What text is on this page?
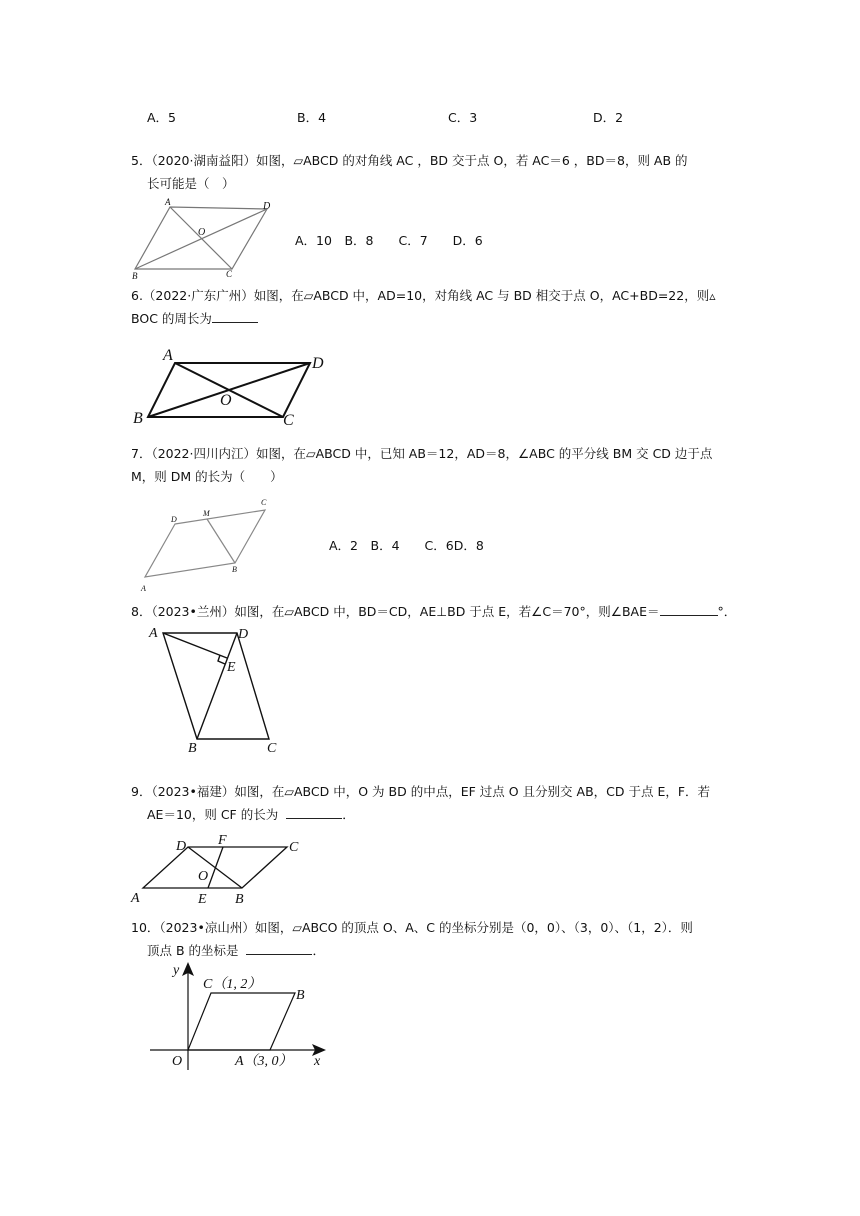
A．5	B．4	C．3	D．2
5．（2020·湖南益阳）如图，▱ABCD 的对角线 AC ，BD 交于点 O，若 AC＝6 ，BD＝8，则 AB 的
长可能是（　）
A	D
O
B	C
A．10　B．8　　C．7　　D．6
6.（2022·广东广州）如图，在▱ABCD 中，AD=10，对角线 AC 与 BD 相交于点 O，AC+BD=22，则▵
BOC 的周长为
A	D
O
B	C
7．（2022·四川内江）如图，在▱ABCD 中，已知 AB＝12，AD＝8，∠ABC 的平分线 BM 交 CD 边于点
M，则 DM 的长为（　　）
D
M
C
A
B
A．2　B．4　　C．6D．8
8．（2023•兰州）如图，在▱ABCD 中，BD＝CD，AE⊥BD 于点 E，若∠C＝70°，则∠BAE＝	°．
A	D
E
B	C
9．（2023•福建）如图，在▱ABCD 中，O 为 BD 的中点，EF 过点 O 且分别交 AB，CD 于点 E，F．若
AE＝10，则 CF 的长为	．
D F	C
O
A	E B
10．（2023•凉山州）如图，▱ABCO 的顶点 O、A、C 的坐标分别是（0，0）、（3，0）、（1，2）．则
顶点 B 的坐标是	．
y
C（1, 2）
B
O	A（3, 0） x
